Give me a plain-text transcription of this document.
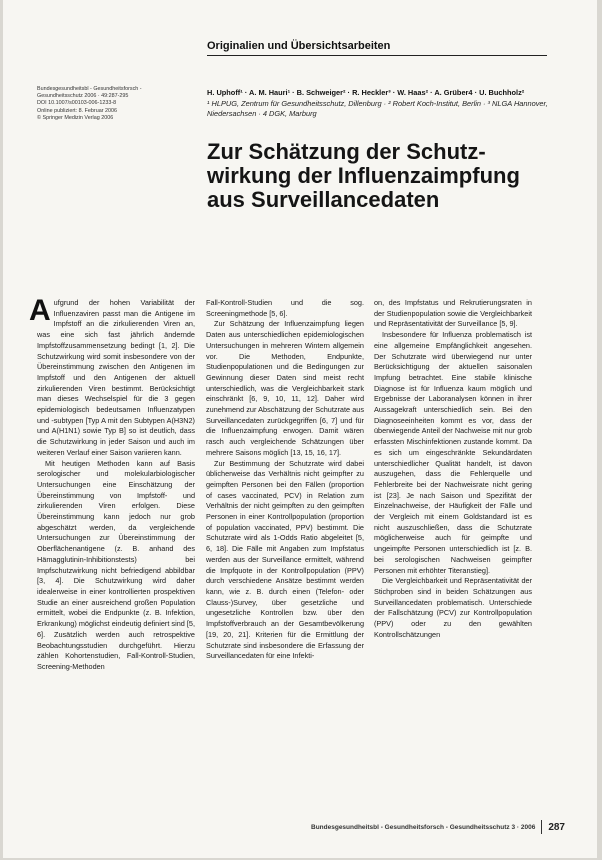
Originalien und Übersichtsarbeiten
Bundesgesundheitsbl - Gesundheitsforsch -
Gesundheitsschutz 2006 · 49:287-295
DOI 10.1007/s00103-006-1233-8
Online publiziert: 8. Februar 2006
© Springer Medizin Verlag 2006
H. Uphoff¹ · A. M. Hauri¹ · B. Schweiger² · R. Heckler³ · W. Haas² · A. Grüber4 · U. Buchholz²
¹ HLPUG, Zentrum für Gesundheitsschutz, Dillenburg · ² Robert Koch-Institut, Berlin · ³ NLGA Hannover, Niedersachsen · 4 DGK, Marburg
Zur Schätzung der Schutz-
wirkung der Influenzaimpfung
aus Surveillancedaten

Aufgrund der hohen Variabilität der Influenzaviren passt man die Antigene im Impfstoff an die zirkulierenden Viren an, was eine sich fast jährlich ändernde Impfstoffzusammensetzung bedingt [1, 2]. Die Schutzwirkung wird somit insbesondere von der Übereinstimmung zwischen den Antigenen im Impfstoff und den Antigenen der aktuell zirkulierenden Viren bestimmt. Berücksichtigt man dieses Wechselspiel für die 3 gegen epidemiologisch bedeutsamen Influenzatypen und -subtypen [Typ A mit den Subtypen A(H3N2) und A(H1N1) sowie Typ B] so ist deutlich, dass die Schutzwirkung in jeder Saison und auch im weiteren Verlauf einer Saison variieren kann.

Mit heutigen Methoden kann auf Basis serologischer und molekularbiologischer Untersuchungen eine Einschätzung der Übereinstimmung von Impfstoff- und zirkulierenden Viren erfolgen. Diese Übereinstimmung kann jedoch nur grob abgeschätzt werden, da vergleichende Untersuchungen zur Übereinstimmung der Oberflächenantigene (z. B. anhand des Hämagglutinin-Inhibitionstests) bei Impfschutzwirkung nicht befriedigend abbildbar [3, 4]. Die Schutzwirkung wird daher idealerweise in einer kontrollierten prospektiven Studie an einer ausreichend großen Population ermittelt, wobei die Endpunkte (z. B. Infektion, Erkrankung) möglichst eindeutig definiert sind [5, 6]. Zusätzlich werden auch retrospektive Beobachtungsstudien durchgeführt. Hierzu zählen Kohortenstudien, Fall-Kontroll-Studien, Screening-Methoden

Fall-Kontroll-Studien und die sog. Screeningmethode [5, 6].

Zur Schätzung der Influenzaimpfung liegen Daten aus unterschiedlichen epidemiologischen Untersuchungen in mehreren Wintern allgemein vor. Die Methoden, Endpunkte, Studienpopulationen und die Bedingungen zur Gewinnung dieser Daten sind meist recht unterschiedlich, was die Vergleichbarkeit stark einschränkt [6, 9, 10, 11, 12]. Daher wird zunehmend zur Abschätzung der Schutzrate aus Surveillancedaten zurückgegriffen [6, 7] und für die Influenzaimpfung erwogen. Damit wären rasch auch vergleichende Schätzungen über mehrere Saisons möglich [13, 15, 16, 17].

Zur Bestimmung der Schutzrate wird dabei üblicherweise das Verhältnis nicht geimpfter zu geimpften Personen bei den Fällen (proportion of cases vaccinated, PCV) in Relation zum Verhältnis der nicht geimpften zu den geimpften Personen in einer Kontrollpopulation (proportion of population vaccinated, PPV) bestimmt. Die Schutzrate wird als 1-Odds Ratio abgeleitet [5, 6, 18]. Die Fälle mit Angaben zum Impfstatus werden aus der Surveillance ermittelt, während die Impfquote in der Kontrollpopulation (PPV) durch verschiedene Ansätze bestimmt werden kann, wie z. B. durch einen (Telefon- oder Clauss-)Survey, über gesetzliche und ungesetzliche Kontrollen bzw. über den Impfstoffverbrauch an der Gesamtbevölkerung [19, 20, 21]. Kriterien für die Ermittlung der Schutzrate sind insbesondere die Erfassung der Surveillancedaten für eine Infekti-

on, des Impfstatus und Rekrutierungsraten in der Studienpopulation sowie die Vergleichbarkeit und Repräsentativität der Surveillance [5, 9].

Insbesondere für Influenza problematisch ist eine allgemeine Empfänglichkeit angesehen. Der Schutzrate wird überwiegend nur unter Berücksichtigung der aktuellen saisonalen Impfung betrachtet. Eine stabile klinische Diagnose ist für Influenza kaum möglich und Ergebnisse der Laboranalysen können in ihrer Aussagekraft unterschiedlich sein. Bei den Diagnoseeinheiten kommt es vor, dass der überwiegende Anteil der Nachweise mit nur grob erfassten Mischinfektionen zustande kommt. Da es sich um eingeschränkte Sekundärdaten unterschiedlicher Qualität handelt, ist davon auszugehen, dass die Fehlerquelle und Fehlerbreite bei der Nachweisrate nicht gering ist [23]. Je nach Saison und Spezifität der Einzelnachweise, der Häufigkeit der Fälle und der Vergleich mit einem Goldstandard ist es nicht auszuschließen, dass die Schutzrate möglicherweise auch für geimpfte und ungeimpfte Personen unterschiedlich ist [z. B. bei serologischen Nachweisen geimpfter Personen mit erhöhter Titeranstieg].

Die Vergleichbarkeit und Repräsentativität der Stichproben sind in beiden Schätzungen aus Surveillancedaten problematisch. Unterschiede der Fallschätzung (PCV) zur Kontrollpopulation (PPV) oder zu den gewählten Kontrollschätzungen

Bundesgesundheitsbl - Gesundheitsforsch - Gesundheitsschutz 3 · 2006 287
